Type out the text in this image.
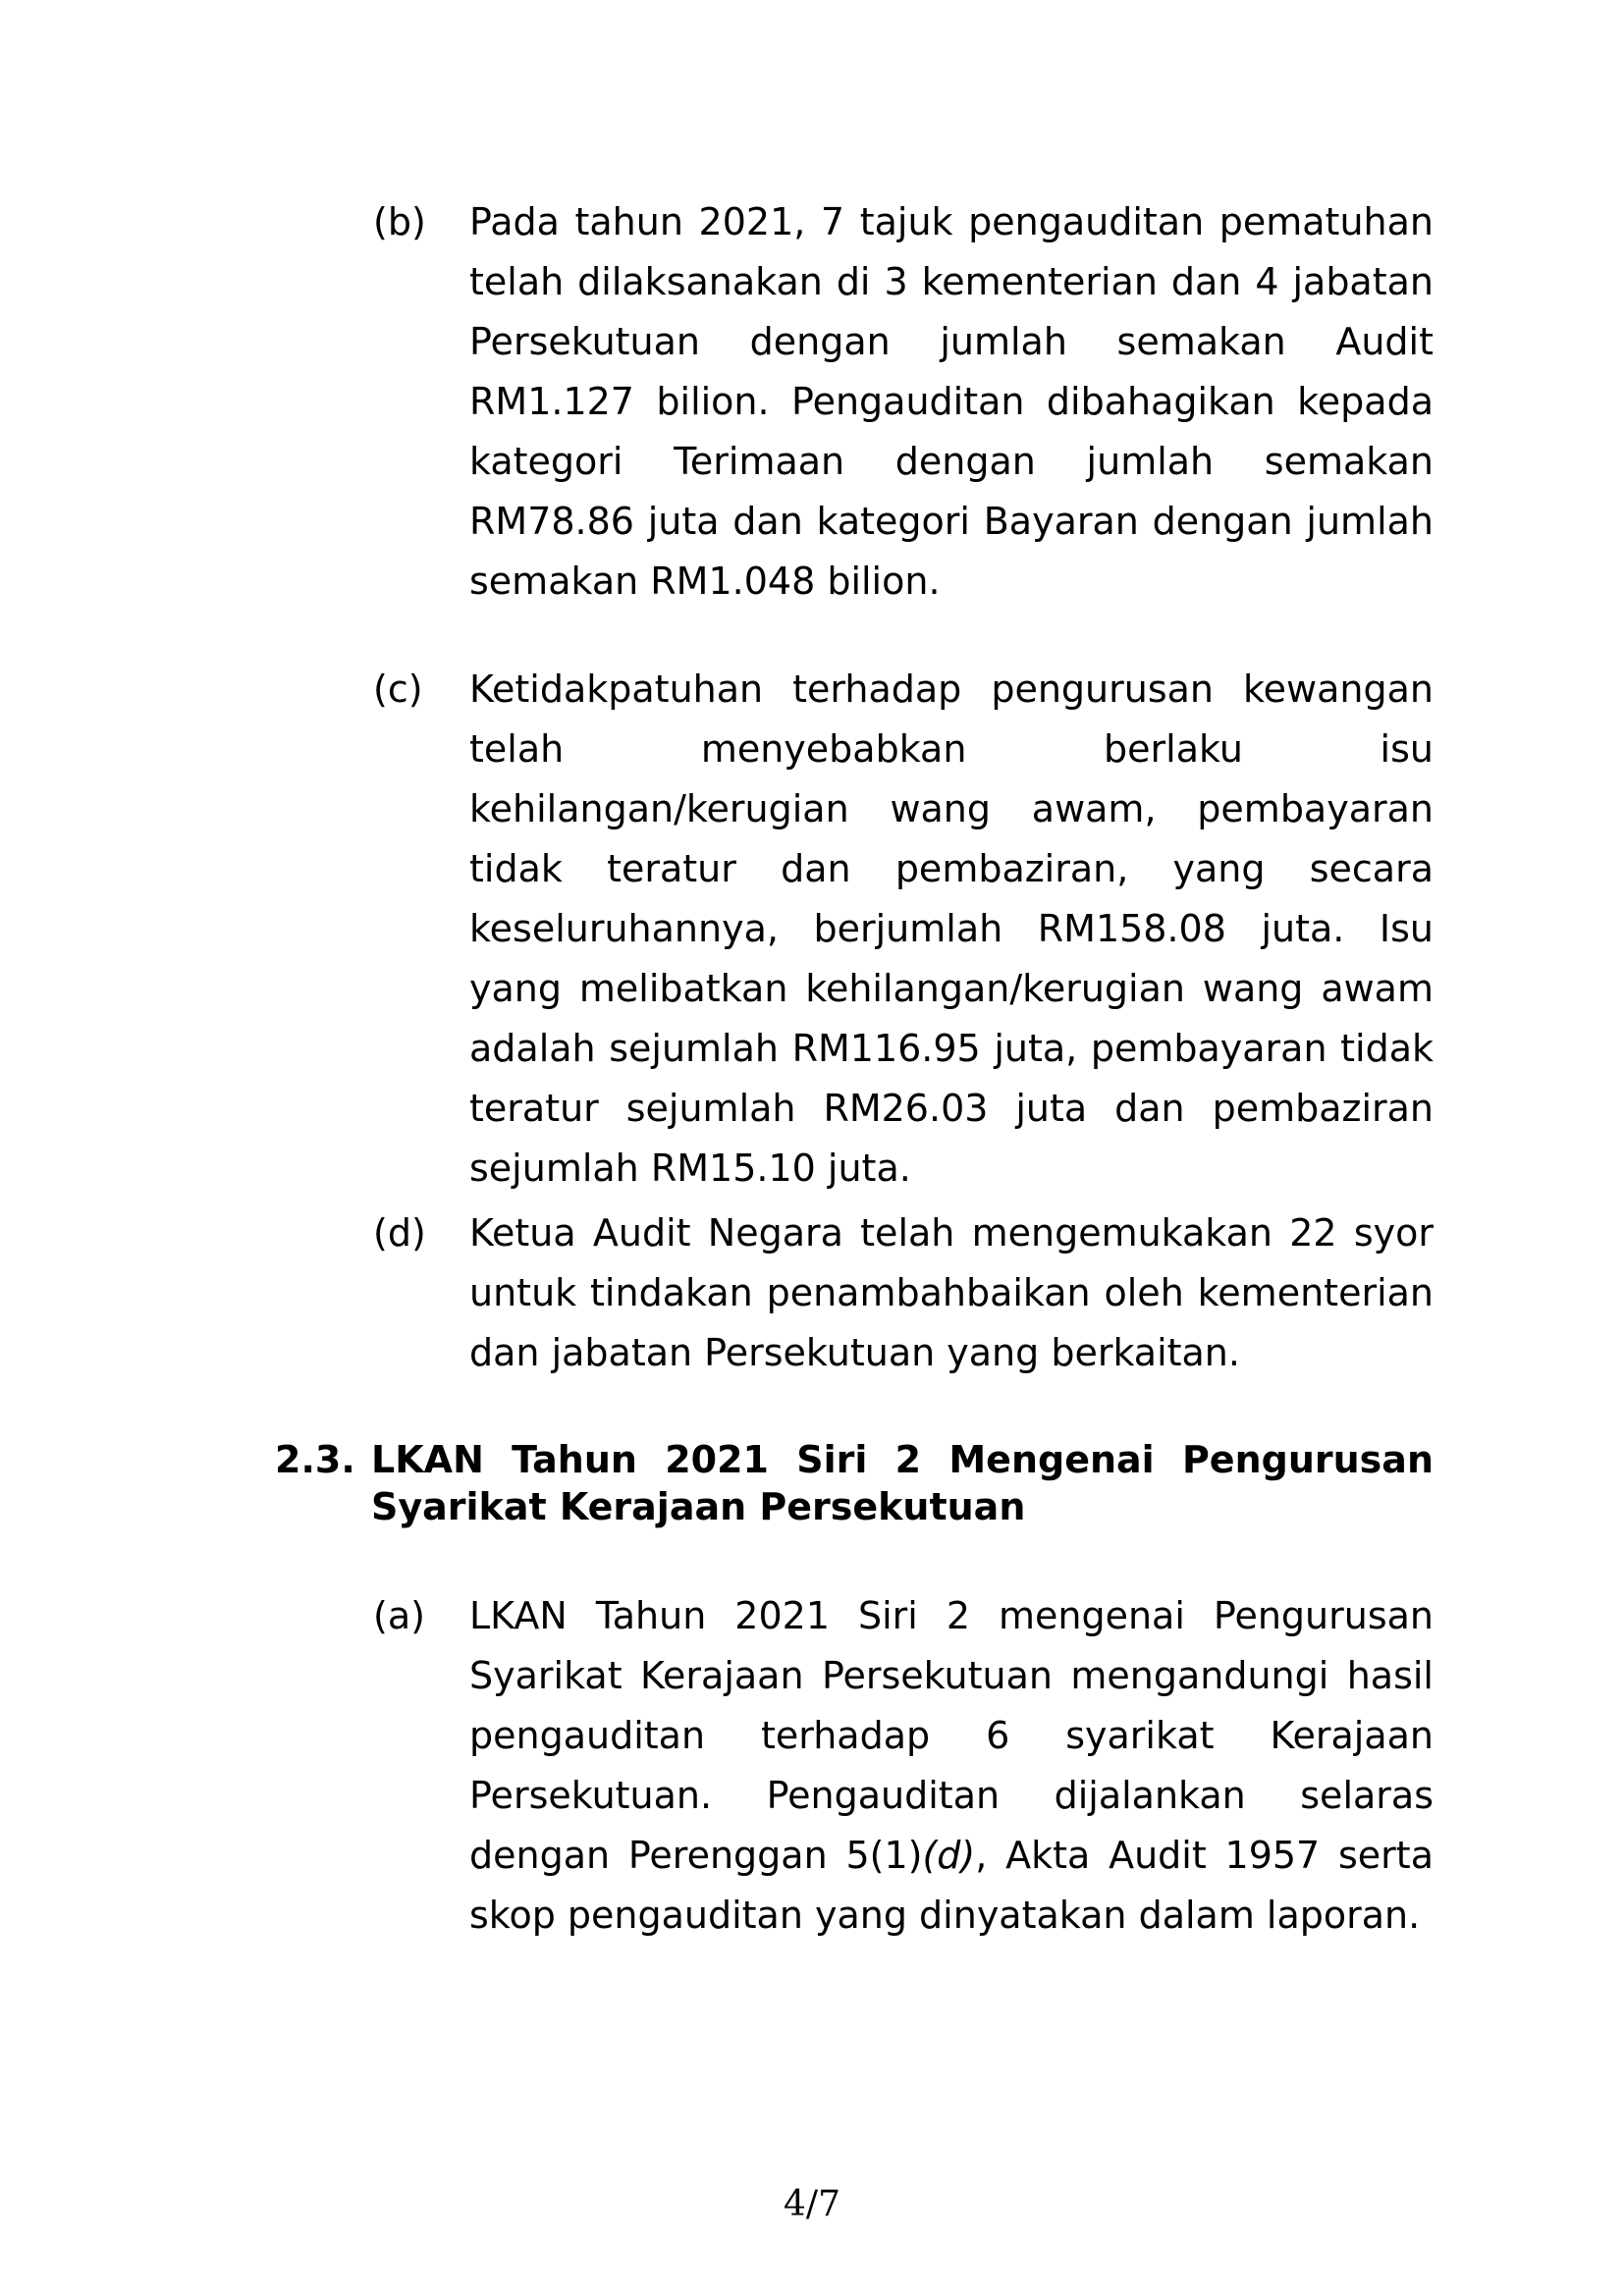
(b)	Pada tahun 2021, 7 tajuk pengauditan pematuhan telah dilaksanakan di 3 kementerian dan 4 jabatan Persekutuan dengan jumlah semakan Audit RM1.127 bilion. Pengauditan dibahagikan kepada kategori Terimaan dengan jumlah semakan RM78.86 juta dan kategori Bayaran dengan jumlah semakan RM1.048 bilion.
(c)	Ketidakpatuhan terhadap pengurusan kewangan telah menyebabkan berlaku isu kehilangan/kerugian wang awam, pembayaran tidak teratur dan pembaziran, yang secara keseluruhannya, berjumlah RM158.08 juta. Isu yang melibatkan kehilangan/kerugian wang awam adalah sejumlah RM116.95 juta, pembayaran tidak teratur sejumlah RM26.03 juta dan pembaziran sejumlah RM15.10 juta.
(d)	Ketua Audit Negara telah mengemukakan 22 syor untuk tindakan penambahbaikan oleh kementerian dan jabatan Persekutuan yang berkaitan.
2.3. LKAN Tahun 2021 Siri 2 Mengenai Pengurusan Syarikat Kerajaan Persekutuan
(a)	LKAN Tahun 2021 Siri 2 mengenai Pengurusan Syarikat Kerajaan Persekutuan mengandungi hasil pengauditan terhadap 6 syarikat Kerajaan Persekutuan. Pengauditan dijalankan selaras dengan Perenggan 5(1)(d), Akta Audit 1957 serta skop pengauditan yang dinyatakan dalam laporan.
4/7
